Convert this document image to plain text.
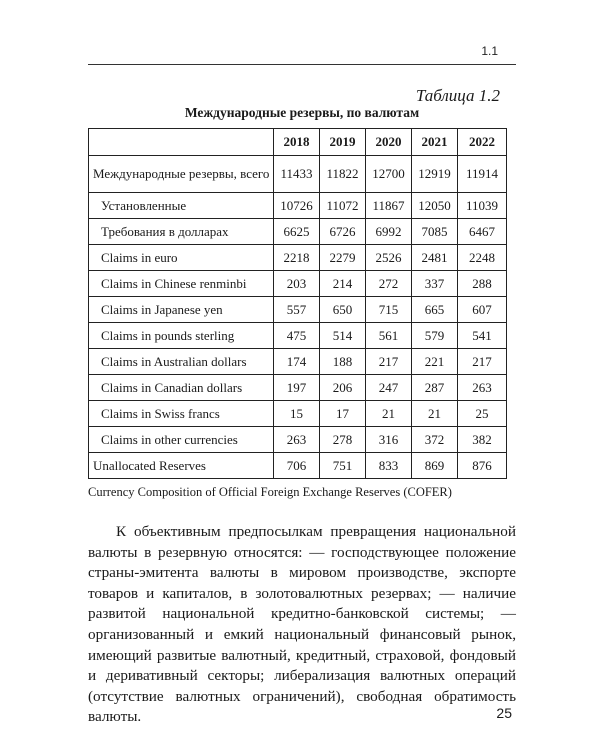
1.1
Таблица 1.2
Международные резервы, по валютам
	2018	2019	2020	2021	2022
Международные резервы, всего	11433	11822	12700	12919	11914
Установленные	10726	11072	11867	12050	11039
Требования в долларах	6625	6726	6992	7085	6467
Claims in euro	2218	2279	2526	2481	2248
Claims in Chinese renminbi	203	214	272	337	288
Claims in Japanese yen	557	650	715	665	607
Claims in pounds sterling	475	514	561	579	541
Claims in Australian dollars	174	188	217	221	217
Claims in Canadian dollars	197	206	247	287	263
Claims in Swiss francs	15	17	21	21	25
Claims in other currencies	263	278	316	372	382
Unallocated Reserves	706	751	833	869	876
Currency Composition of Official Foreign Exchange Reserves (COFER)

К объективным предпосылкам превращения национальной валюты в резервную относятся: — господствующее положение страны-эмитента валюты в мировом производстве, экспорте товаров и капиталов, в золотовалютных резервах; — наличие развитой национальной кредитно-банковской системы; — организованный и емкий национальный финансовый рынок, имеющий развитые валютный, кредитный, страховой, фондовый и деривативный секторы; либерализация валютных операций (отсутствие валютных ограничений), свободная обратимость валюты.	25
